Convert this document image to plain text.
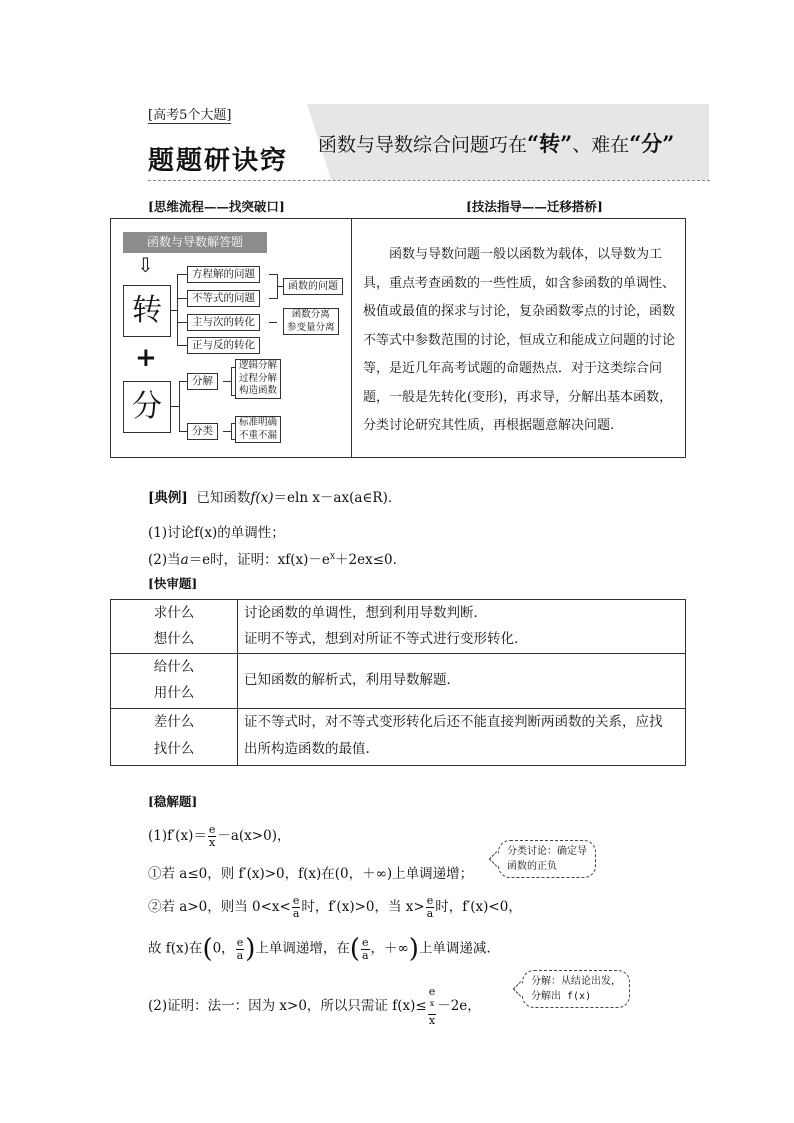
[高考5个大题]
题题研诀窍
函数与导数综合问题巧在“转”、难在“分”
[思维流程——找突破口]	[技法指导——迁移搭桥]
函数与导数解答题
⇩
转
+
分
方程解的问题
不等式的问题
主与次的转化
正与反的转化
函数的问题
函数分离
参变量分离
分解
分类
逻辑分解
过程分解
构造函数
标准明确
不重不漏
函数与导数问题一般以函数为载体，以导数为工具，重点考查函数的一些性质，如含参函数的单调性、极值或最值的探求与讨论，复杂函数零点的讨论，函数不等式中参数范围的讨论，恒成立和能成立问题的讨论等，是近几年高考试题的命题热点．对于这类综合问题，一般是先转化(变形)，再求导，分解出基本函数，分类讨论研究其性质，再根据题意解决问题.
[典例] 已知函数f(x)＝eln x－ax(a∈R)．
(1)讨论f(x)的单调性；
(2)当a＝e时，证明：$xf(x)-e^x+2ex\le 0$.
[快审题]
求什么
想什么
讨论函数的单调性，想到利用导数判断．
证明不等式，想到对所证不等式进行变形转化．
给什么
用什么
已知函数的解析式，利用导数解题．
差什么
找什么
证不等式时，对不等式变形转化后还不能直接判断两函数的关系，应找
出所构造函数的最值.
[稳解题]
$(1)f'(x)= \frac{e}{x} -a(x>0)$，
①若 a≤0，则 f′(x)>0，f(x)在(0，＋∞)上单调递增；
分类讨论：确定导
函数的正负
②若 a>0，则当 $0<x< \frac{e}{a}$ 时，f′(x)>0，当 $x> \frac{e}{a}$ 时，f′(x)<0，
故 f(x)在(0， $\frac{e}{a}$ )上单调递增，在( $\frac{e}{a}$ ，＋∞)上单调递减.
(2)证明：法一：因为 x>0，所以只需证 f(x)≤ e
$^x$
x －2e，
分解：从结论出发，
分解出 f(x)
